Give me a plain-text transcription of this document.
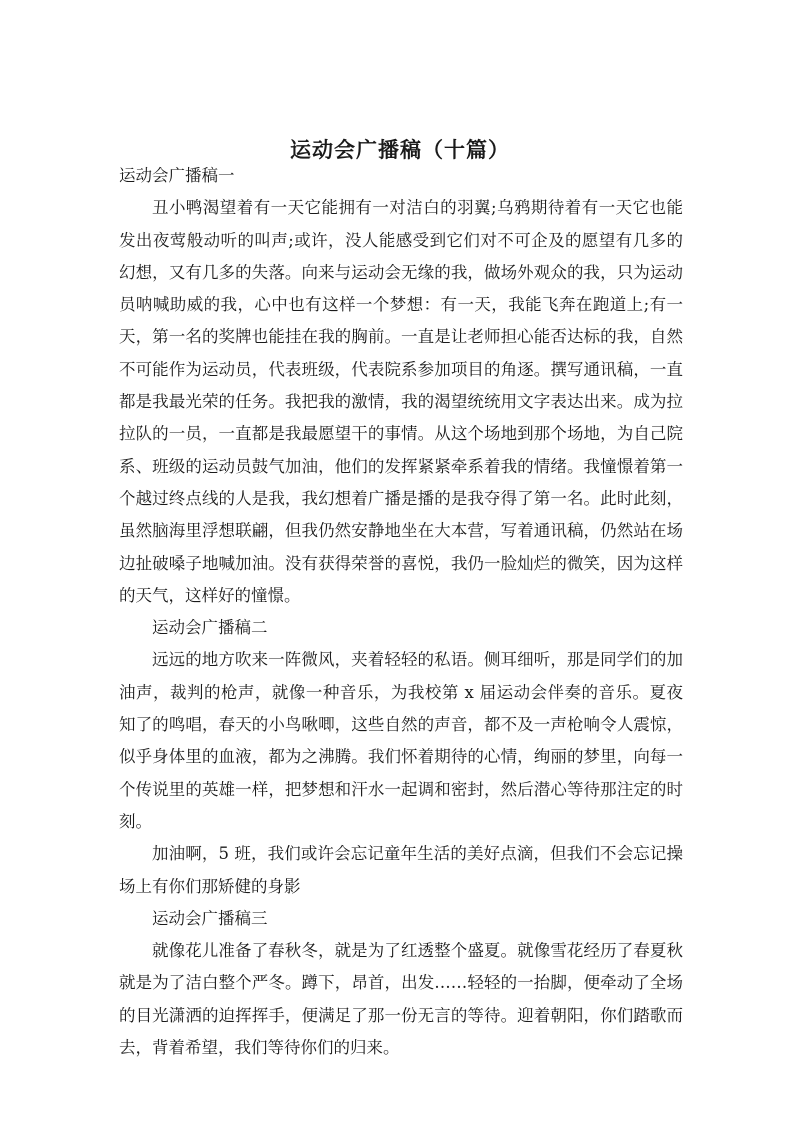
运动会广播稿（十篇）

运动会广播稿一

丑小鸭渴望着有一天它能拥有一对洁白的羽翼;乌鸦期待着有一天它也能发出夜莺般动听的叫声;或许，没人能感受到它们对不可企及的愿望有几多的幻想，又有几多的失落。向来与运动会无缘的我，做场外观众的我，只为运动员呐喊助威的我，心中也有这样一个梦想：有一天，我能飞奔在跑道上;有一天，第一名的奖牌也能挂在我的胸前。一直是让老师担心能否达标的我，自然不可能作为运动员，代表班级，代表院系参加项目的角逐。撰写通讯稿，一直都是我最光荣的任务。我把我的激情，我的渴望统统用文字表达出来。成为拉拉队的一员，一直都是我最愿望干的事情。从这个场地到那个场地，为自己院系、班级的运动员鼓气加油，他们的发挥紧紧牵系着我的情绪。我憧憬着第一个越过终点线的人是我，我幻想着广播是播的是我夺得了第一名。此时此刻，虽然脑海里浮想联翩，但我仍然安静地坐在大本营，写着通讯稿，仍然站在场边扯破嗓子地喊加油。没有获得荣誉的喜悦，我仍一脸灿烂的微笑，因为这样的天气，这样好的憧憬。

运动会广播稿二

远远的地方吹来一阵微风，夹着轻轻的私语。侧耳细听，那是同学们的加油声，裁判的枪声，就像一种音乐，为我校第 x 届运动会伴奏的音乐。夏夜知了的鸣唱，春天的小鸟啾唧，这些自然的声音，都不及一声枪响令人震惊，似乎身体里的血液，都为之沸腾。我们怀着期待的心情，绚丽的梦里，向每一个传说里的英雄一样，把梦想和汗水一起调和密封，然后潜心等待那注定的时刻。

加油啊，5 班，我们或许会忘记童年生活的美好点滴，但我们不会忘记操场上有你们那矫健的身影

运动会广播稿三

就像花儿准备了春秋冬，就是为了红透整个盛夏。就像雪花经历了春夏秋就是为了洁白整个严冬。蹲下，昂首，出发……轻轻的一抬脚，便牵动了全场的目光潇洒的迫挥挥手，便满足了那一份无言的等待。迎着朝阳，你们踏歌而去，背着希望，我们等待你们的归来。
